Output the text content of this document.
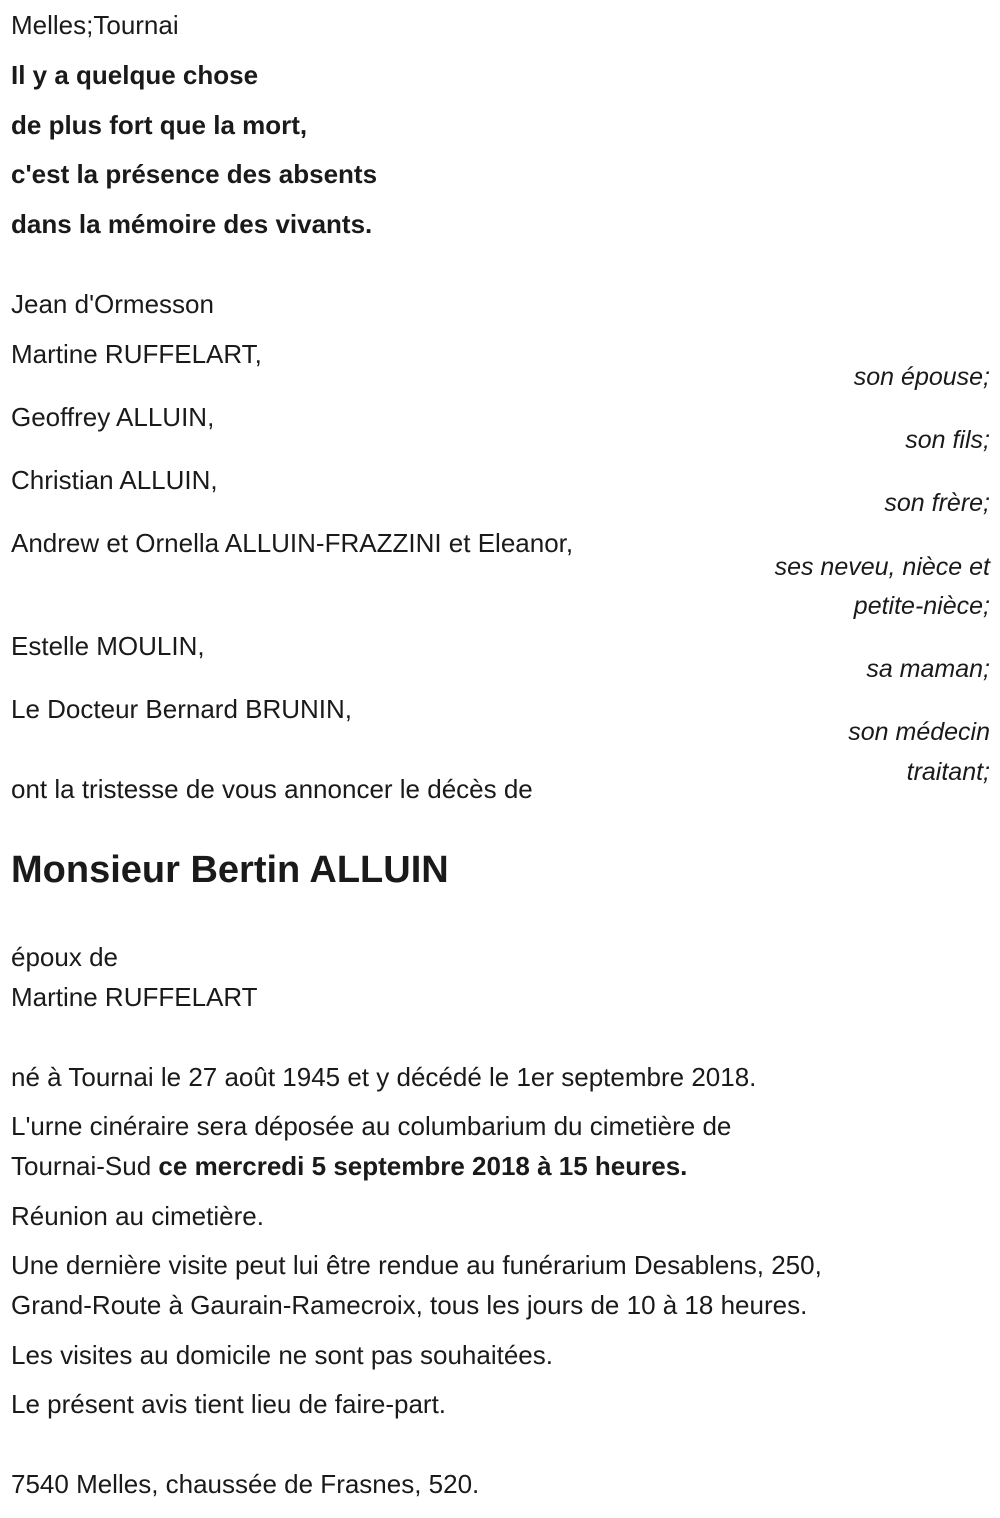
Melles;Tournai
Il y a quelque chose
de plus fort que la mort,
c'est la présence des absents
dans la mémoire des vivants.
Jean d'Ormesson
Martine RUFFELART,
son épouse;
Geoffrey ALLUIN,
son fils;
Christian ALLUIN,
son frère;
Andrew et Ornella ALLUIN-FRAZZINI et Eleanor,
ses neveu, nièce et
petite-nièce;
Estelle MOULIN,
sa maman;
Le Docteur Bernard BRUNIN,
son médecin
traitant;
ont la tristesse de vous annoncer le décès de
Monsieur Bertin ALLUIN
époux de
Martine RUFFELART
né à Tournai le 27 août 1945 et y décédé le 1er septembre 2018.
L'urne cinéraire sera déposée au columbarium du cimetière de
Tournai-Sud ce mercredi 5 septembre 2018 à 15 heures.
Réunion au cimetière.
Une dernière visite peut lui être rendue au funérarium Desablens, 250,
Grand-Route à Gaurain-Ramecroix, tous les jours de 10 à 18 heures.
Les visites au domicile ne sont pas souhaitées.
Le présent avis tient lieu de faire-part.
7540 Melles, chaussée de Frasnes, 520.
